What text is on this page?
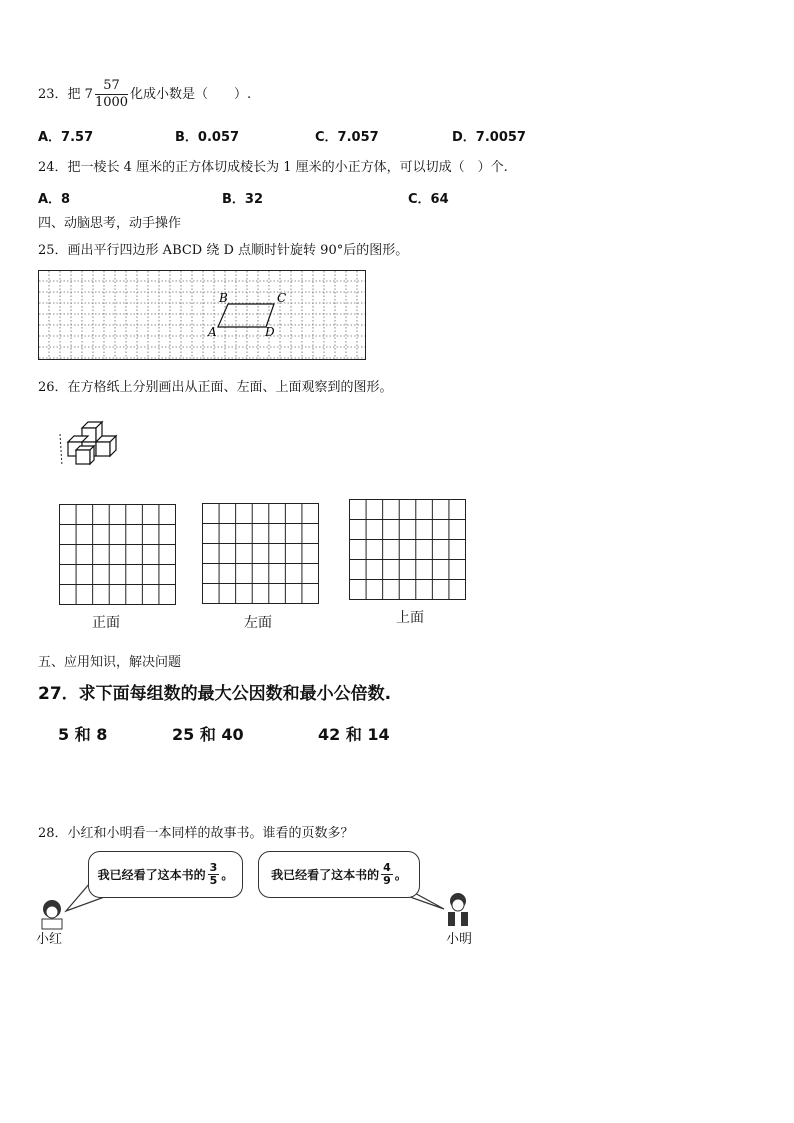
23．把 $7 \frac{57}{1000}$ 化成小数是（　　）.
A．7.57	B．0.057	C．7.057	D．7.0057
24．把一棱长 4 厘米的正方体切成棱长为 1 厘米的小正方体，可以切成（　）个.
A．8	B．32	C．64
四、动脑思考，动手操作
25．画出平行四边形 ABCD 绕 D 点顺时针旋转 90°后的图形。
B	C
A	D
26．在方格纸上分别画出从正面、左面、上面观察到的图形。
正面	左面	上面
五、应用知识，解决问题
27．求下面每组数的最大公因数和最小公倍数.
5 和 8	25 和 40	42 和 14
28．小红和小明看一本同样的故事书。谁看的页数多？
我已经看了这本书的 $\frac{3}{5}$ 。	我已经看了这本书的 $\frac{4}{9}$ 。
小红	小明
